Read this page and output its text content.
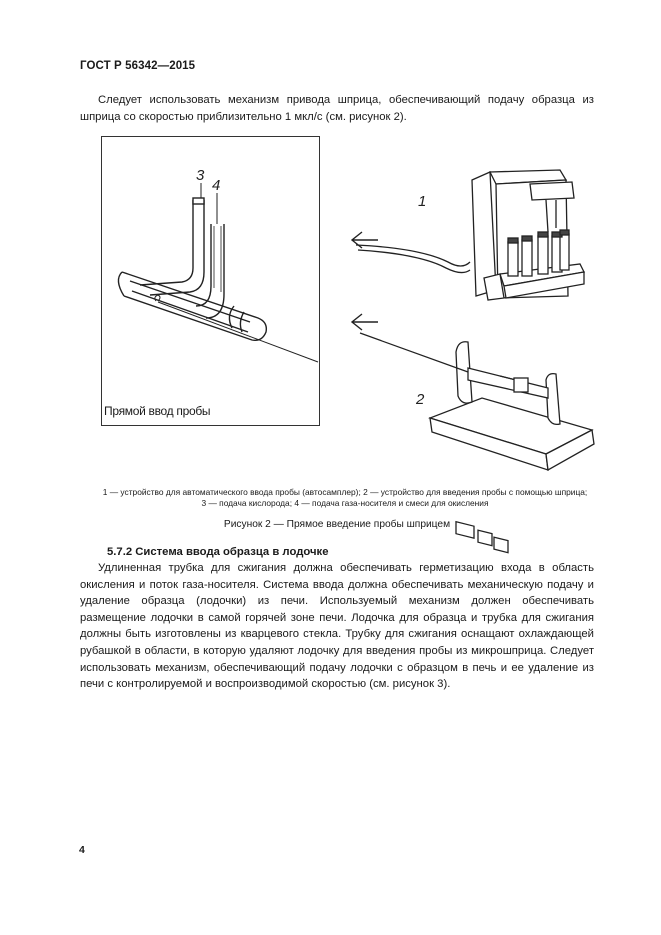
ГОСТ Р 56342—2015
Следует использовать механизм привода шприца, обеспечивающий подачу образца из шприца со скоростью приблизительно 1 мкл/с (см. рисунок 2).
3
4
1
2
Прямой ввод пробы
1 — устройство для автоматического ввода пробы (автосамплер); 2 — устройство для введения пробы с помощью шприца;
3 — подача кислорода; 4 — подача газа-носителя и смеси для окисления
Рисунок 2 — Прямое введение пробы шприцем
5.7.2 Система ввода образца в лодочке
Удлиненная трубка для сжигания должна обеспечивать герметизацию входа в область окисления и поток газа-носителя. Система ввода должна обеспечивать механическую подачу и удаление образца (лодочки) из печи. Используемый механизм должен обеспечивать размещение лодочки в самой горячей зоне печи. Лодочка для образца и трубка для сжигания должны быть изготовлены из кварцевого стекла. Трубку для сжигания оснащают охлаждающей рубашкой в области, в которую удаляют лодочку для введения пробы из микрошприца. Следует использовать механизм, обеспечивающий подачу лодочки с образцом в печь и ее удаление из печи с контролируемой и воспроизводимой скоростью (см. рисунок 3).
4
